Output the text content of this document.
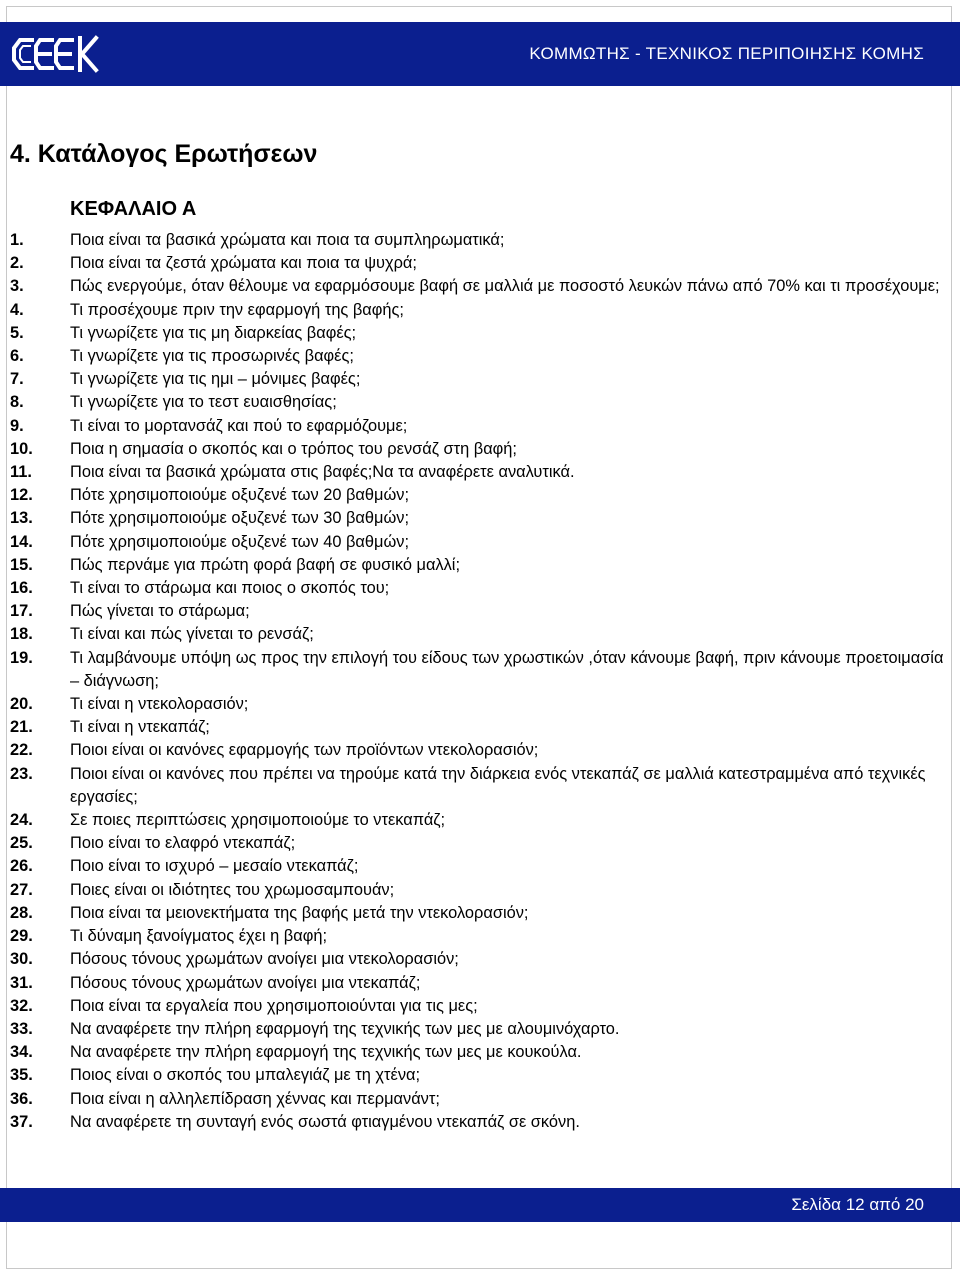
ΚΟΜΜΩΤΗΣ - ΤΕΧΝΙΚΟΣ ΠΕΡΙΠΟΙΗΣΗΣ ΚΟΜΗΣ
4. Κατάλογος Ερωτήσεων
ΚΕΦΑΛΑΙΟ Α
1.	Ποια είναι τα βασικά χρώματα και ποια τα συμπληρωματικά;
2.	Ποια είναι τα ζεστά χρώματα και ποια τα ψυχρά;
3.	Πώς ενεργούμε, όταν θέλουμε να εφαρμόσουμε βαφή σε μαλλιά με ποσοστό λευκών πάνω από 70% και τι προσέχουμε;
4.	Τι προσέχουμε πριν την εφαρμογή της βαφής;
5.	Τι γνωρίζετε για τις μη διαρκείας βαφές;
6.	Τι γνωρίζετε για τις προσωρινές βαφές;
7.	Τι γνωρίζετε για τις ημι – μόνιμες βαφές;
8.	Τι γνωρίζετε για το τεστ ευαισθησίας;
9.	Τι είναι το μορτανσάζ και πού το εφαρμόζουμε;
10.	Ποια η σημασία ο σκοπός και ο τρόπος του ρενσάζ στη βαφή;
11.	Ποια είναι τα βασικά χρώματα στις βαφές;Να τα αναφέρετε αναλυτικά.
12.	Πότε χρησιμοποιούμε οξυζενέ των 20 βαθμών;
13.	Πότε χρησιμοποιούμε οξυζενέ των 30 βαθμών;
14.	Πότε χρησιμοποιούμε οξυζενέ των 40 βαθμών;
15.	Πώς περνάμε για πρώτη φορά βαφή σε φυσικό μαλλί;
16.	Τι είναι το στάρωμα και ποιος ο σκοπός του;
17.	Πώς γίνεται το στάρωμα;
18.	Τι είναι και πώς γίνεται το ρενσάζ;
19.	Τι λαμβάνουμε υπόψη ως προς την επιλογή του είδους των χρωστικών ,όταν κάνουμε βαφή, πριν κάνουμε προετοιμασία – διάγνωση;
20.	Τι είναι η ντεκολορασιόν;
21.	Τι είναι η ντεκαπάζ;
22.	Ποιοι είναι οι κανόνες εφαρμογής των προϊόντων ντεκολορασιόν;
23.	Ποιοι είναι οι κανόνες που πρέπει να τηρούμε κατά την διάρκεια ενός ντεκαπάζ σε μαλλιά κατεστραμμένα από τεχνικές εργασίες;
24.	Σε ποιες περιπτώσεις χρησιμοποιούμε το ντεκαπάζ;
25.	Ποιο είναι το ελαφρό ντεκαπάζ;
26.	Ποιο είναι το ισχυρό – μεσαίο ντεκαπάζ;
27.	Ποιες είναι οι ιδιότητες του χρωμοσαμπουάν;
28.	Ποια είναι τα μειονεκτήματα της βαφής μετά την ντεκολορασιόν;
29.	Τι δύναμη ξανοίγματος έχει η βαφή;
30.	Πόσους τόνους χρωμάτων ανοίγει μια ντεκολορασιόν;
31.	Πόσους τόνους χρωμάτων ανοίγει μια ντεκαπάζ;
32.	Ποια είναι τα εργαλεία που χρησιμοποιούνται για τις μες;
33.	Να αναφέρετε την πλήρη εφαρμογή της τεχνικής των μες με αλουμινόχαρτο.
34.	Να αναφέρετε την πλήρη εφαρμογή της τεχνικής των μες με κουκούλα.
35.	Ποιος είναι ο σκοπός του μπαλεγιάζ με τη χτένα;
36.	Ποια είναι η αλληλεπίδραση χέννας και περμανάντ;
37.	Να αναφέρετε τη συνταγή ενός σωστά φτιαγμένου ντεκαπάζ σε σκόνη.
Σελίδα 12 από 20
